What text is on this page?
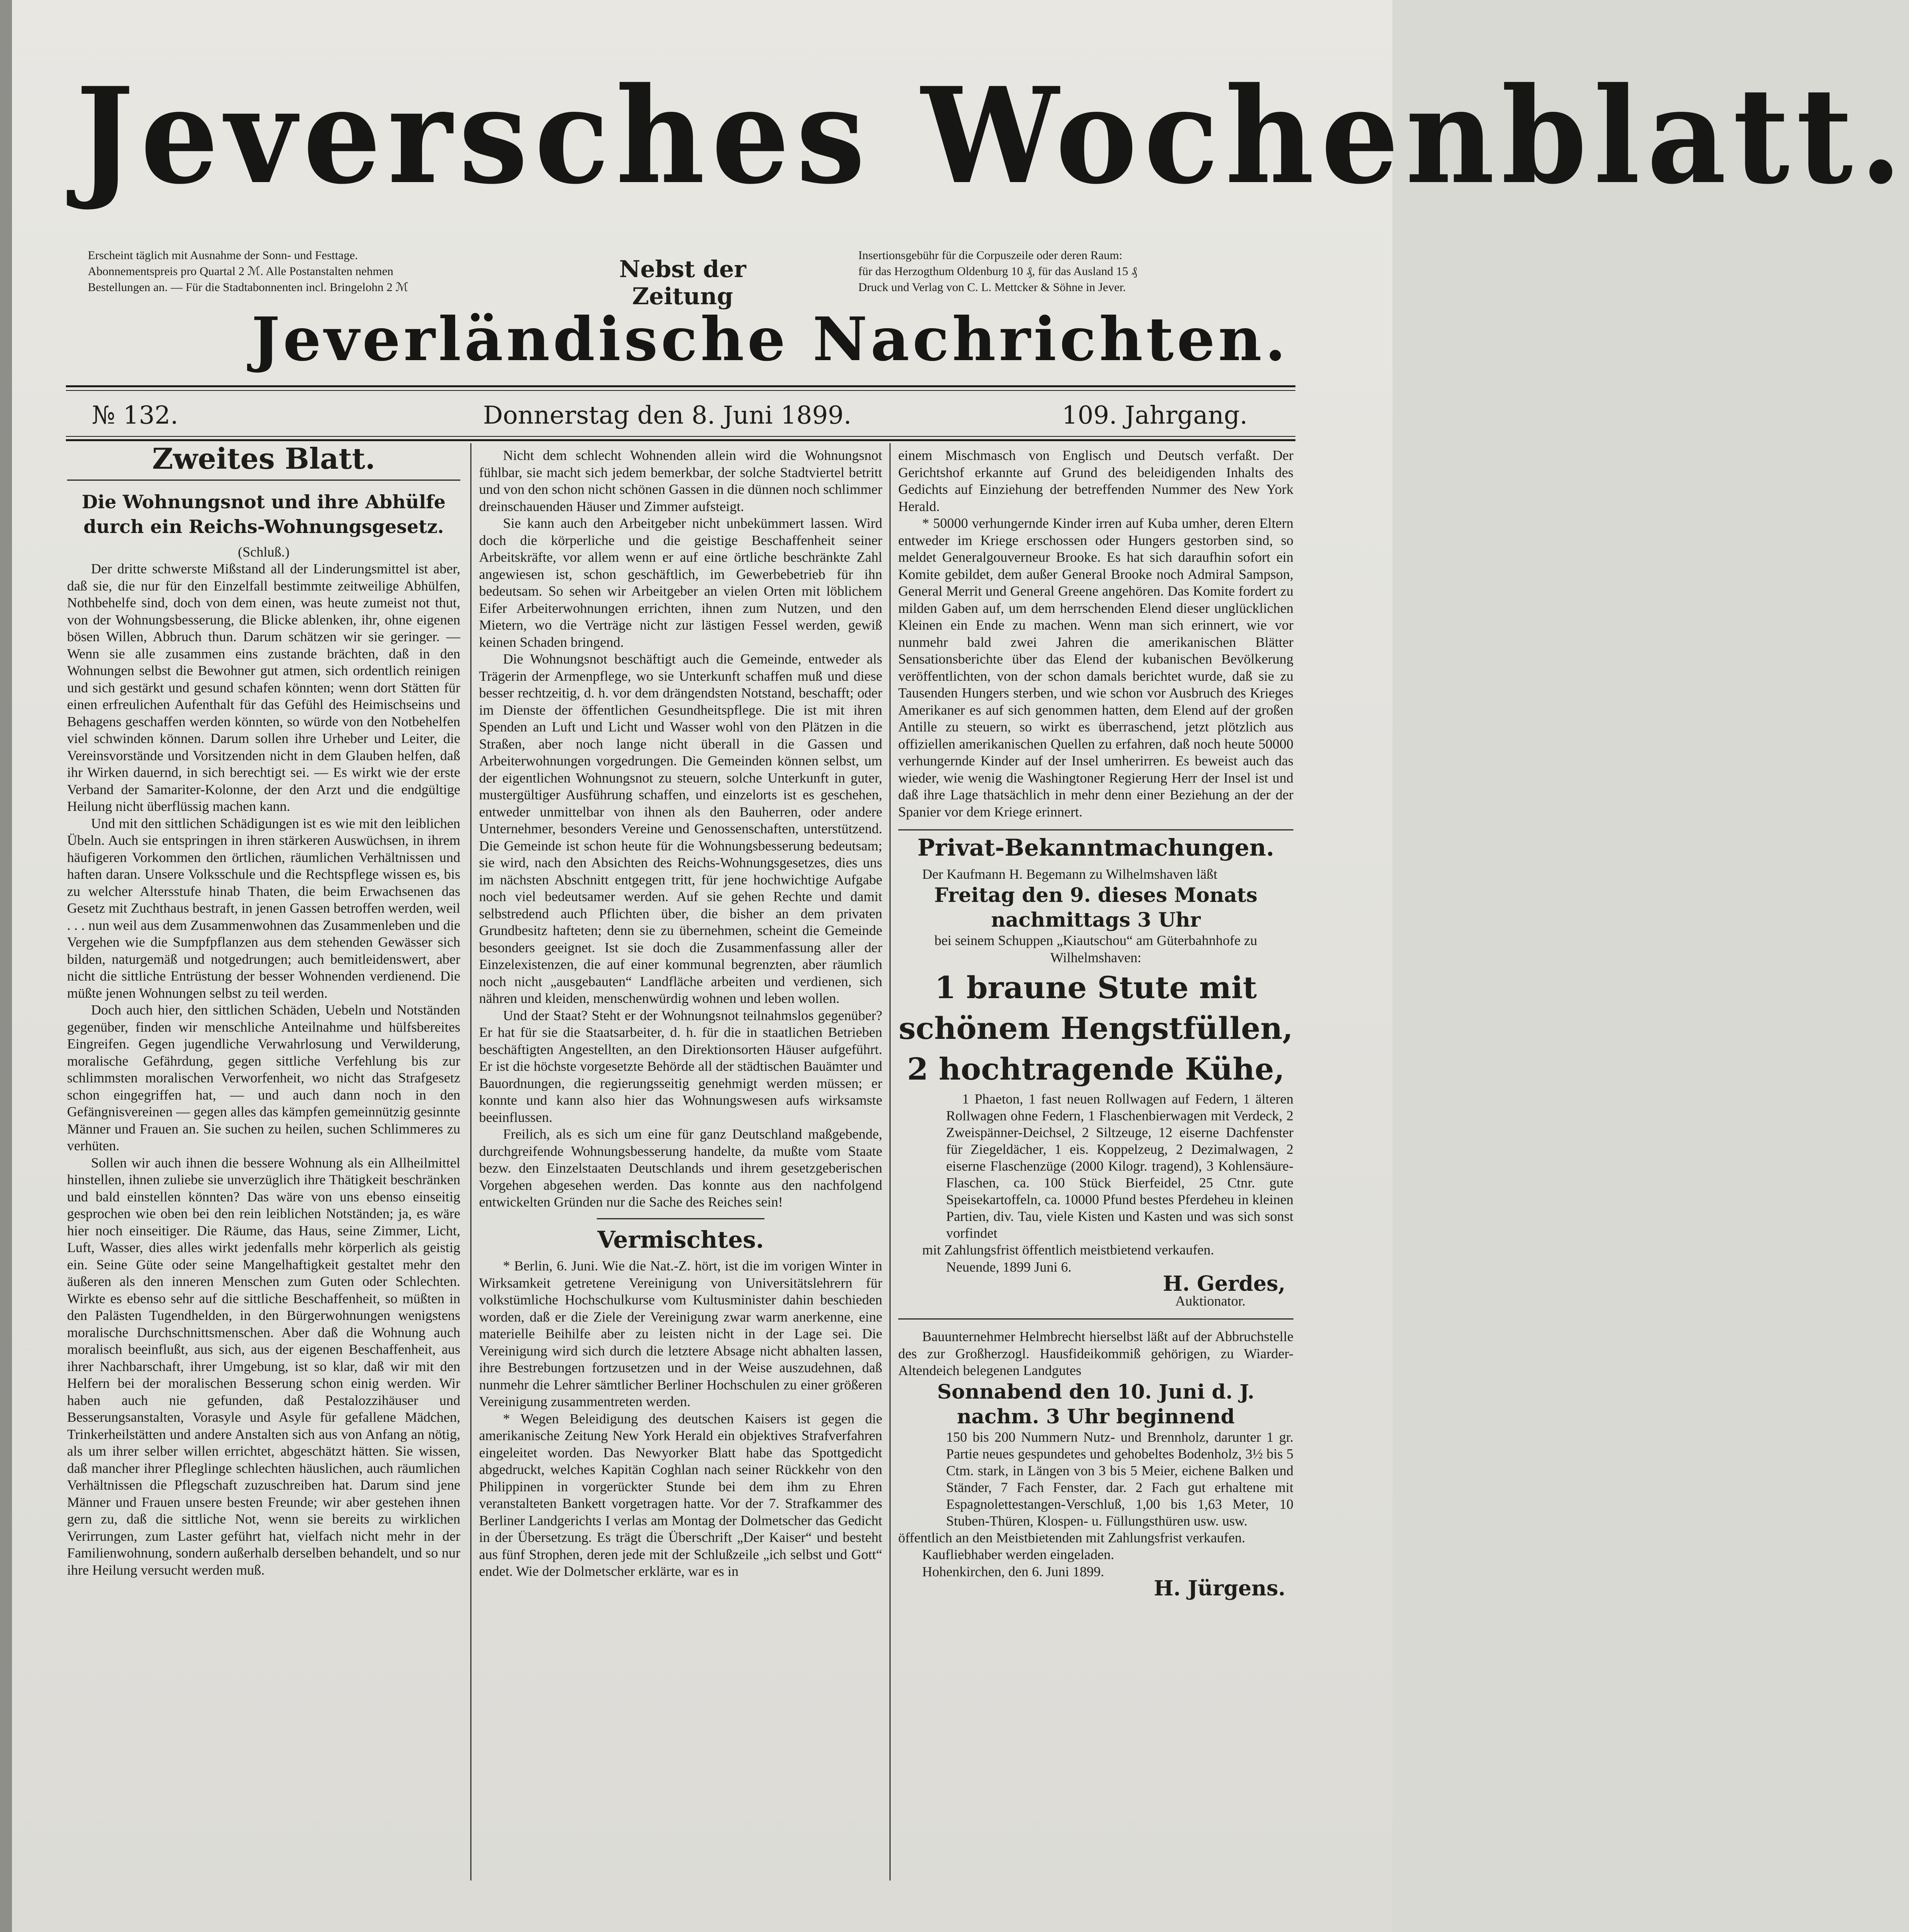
Jeversches Wochenblatt.
Erscheint täglich mit Ausnahme der Sonn- und Festtage.
Abonnementspreis pro Quartal 2 ℳ. Alle Postanstalten nehmen
Bestellungen an. — Für die Stadtabonnenten incl. Bringelohn 2 ℳ
Nebst der Zeitung
Insertionsgebühr für die Corpuszeile oder deren Raum:
für das Herzogthum Oldenburg 10 ₰, für das Ausland 15 ₰
Druck und Verlag von C. L. Mettcker & Söhne in Jever.
Jeverländische Nachrichten.
№ 132.	Donnerstag den 8. Juni 1899.	109. Jahrgang.
Zweites Blatt.
Die Wohnungsnot und ihre Abhülfe durch ein Reichs-Wohnungsgesetz.

(Schluß.)

Der dritte schwerste Mißstand all der Linderungsmittel ist aber, daß sie, die nur für den Einzelfall bestimmte zeitweilige Abhülfen, Nothbehelfe sind, doch von dem einen, was heute zumeist not thut, von der Wohnungsbesserung, die Blicke ablenken, ihr, ohne eigenen bösen Willen, Abbruch thun. Darum schätzen wir sie geringer. — Wenn sie alle zusammen eins zustande brächten, daß in den Wohnungen selbst die Bewohner gut atmen, sich ordentlich reinigen und sich gestärkt und gesund schafen könnten; wenn dort Stätten für einen erfreulichen Aufenthalt für das Gefühl des Heimischseins und Behagens geschaffen werden könnten, so würde von den Notbehelfen viel schwinden können. Darum sollen ihre Urheber und Leiter, die Vereinsvorstände und Vorsitzenden nicht in dem Glauben helfen, daß ihr Wirken dauernd, in sich berechtigt sei. — Es wirkt wie der erste Verband der Samariter-Kolonne, der den Arzt und die endgültige Heilung nicht überflüssig machen kann.

Und mit den sittlichen Schädigungen ist es wie mit den leiblichen Übeln. Auch sie entspringen in ihren stärkeren Auswüchsen, in ihrem häufigeren Vorkommen den örtlichen, räumlichen Verhältnissen und haften daran. Unsere Volksschule und die Rechtspflege wissen es, bis zu welcher Altersstufe hinab Thaten, die beim Erwachsenen das Gesetz mit Zuchthaus bestraft, in jenen Gassen betroffen werden, weil . . . nun weil aus dem Zusammenwohnen das Zusammenleben und die Vergehen wie die Sumpfpflanzen aus dem stehenden Gewässer sich bilden, naturgemäß und notgedrungen; auch bemitleidenswert, aber nicht die sittliche Entrüstung der besser Wohnenden verdienend. Die müßte jenen Wohnungen selbst zu teil werden.

Doch auch hier, den sittlichen Schäden, Uebeln und Notständen gegenüber, finden wir menschliche Anteilnahme und hülfsbereites Eingreifen. Gegen jugendliche Verwahrlosung und Verwilderung, moralische Gefährdung, gegen sittliche Verfehlung bis zur schlimmsten moralischen Verworfenheit, wo nicht das Strafgesetz schon eingegriffen hat, — und auch dann noch in den Gefängnisvereinen — gegen alles das kämpfen gemeinnützig gesinnte Männer und Frauen an. Sie suchen zu heilen, suchen Schlimmeres zu verhüten.

Sollen wir auch ihnen die bessere Wohnung als ein Allheilmittel hinstellen, ihnen zuliebe sie unverzüglich ihre Thätigkeit beschränken und bald einstellen könnten? Das wäre von uns ebenso einseitig gesprochen wie oben bei den rein leiblichen Notständen; ja, es wäre hier noch einseitiger. Die Räume, das Haus, seine Zimmer, Licht, Luft, Wasser, dies alles wirkt jedenfalls mehr körperlich als geistig ein. Seine Güte oder seine Mangelhaftigkeit gestaltet mehr den äußeren als den inneren Menschen zum Guten oder Schlechten. Wirkte es ebenso sehr auf die sittliche Beschaffenheit, so müßten in den Palästen Tugendhelden, in den Bürgerwohnungen wenigstens moralische Durchschnittsmenschen. Aber daß die Wohnung auch moralisch beeinflußt, aus sich, aus der eigenen Beschaffenheit, aus ihrer Nachbarschaft, ihrer Umgebung, ist so klar, daß wir mit den Helfern bei der moralischen Besserung schon einig werden. Wir haben auch nie gefunden, daß Pestalozzihäuser und Besserungsanstalten, Vorasyle und Asyle für gefallene Mädchen, Trinkerheilstätten und andere Anstalten sich aus von Anfang an nötig, als um ihrer selber willen errichtet, abgeschätzt hätten. Sie wissen, daß mancher ihrer Pfleglinge schlechten häuslichen, auch räumlichen Verhältnissen die Pflegschaft zuzuschreiben hat. Darum sind jene Männer und Frauen unsere besten Freunde; wir aber gestehen ihnen gern zu, daß die sittliche Not, wenn sie bereits zu wirklichen Verirrungen, zum Laster geführt hat, vielfach nicht mehr in der Familienwohnung, sondern außerhalb derselben behandelt, und so nur ihre Heilung versucht werden muß.

Nicht dem schlecht Wohnenden allein wird die Wohnungsnot fühlbar, sie macht sich jedem bemerkbar, der solche Stadtviertel betritt und von den schon nicht schönen Gassen in die dünnen noch schlimmer dreinschauenden Häuser und Zimmer aufsteigt.

Sie kann auch den Arbeitgeber nicht unbekümmert lassen. Wird doch die körperliche und die geistige Beschaffenheit seiner Arbeitskräfte, vor allem wenn er auf eine örtliche beschränkte Zahl angewiesen ist, schon geschäftlich, im Gewerbebetrieb für ihn bedeutsam. So sehen wir Arbeitgeber an vielen Orten mit löblichem Eifer Arbeiterwohnungen errichten, ihnen zum Nutzen, und den Mietern, wo die Verträge nicht zur lästigen Fessel werden, gewiß keinen Schaden bringend.

Die Wohnungsnot beschäftigt auch die Gemeinde, entweder als Trägerin der Armenpflege, wo sie Unterkunft schaffen muß und diese besser rechtzeitig, d. h. vor dem drängendsten Notstand, beschafft; oder im Dienste der öffentlichen Gesundheitspflege. Die ist mit ihren Spenden an Luft und Licht und Wasser wohl von den Plätzen in die Straßen, aber noch lange nicht überall in die Gassen und Arbeiterwohnungen vorgedrungen. Die Gemeinden können selbst, um der eigentlichen Wohnungsnot zu steuern, solche Unterkunft in guter, mustergültiger Ausführung schaffen, und einzelorts ist es geschehen, entweder unmittelbar von ihnen als den Bauherren, oder andere Unternehmer, besonders Vereine und Genossenschaften, unterstützend. Die Gemeinde ist schon heute für die Wohnungsbesserung bedeutsam; sie wird, nach den Absichten des Reichs-Wohnungsgesetzes, dies uns im nächsten Abschnitt entgegen tritt, für jene hochwichtige Aufgabe noch viel bedeutsamer werden. Auf sie gehen Rechte und damit selbstredend auch Pflichten über, die bisher an dem privaten Grundbesitz hafteten; denn sie zu übernehmen, scheint die Gemeinde besonders geeignet. Ist sie doch die Zusammenfassung aller der Einzelexistenzen, die auf einer kommunal begrenzten, aber räumlich noch nicht „ausgebauten“ Landfläche arbeiten und verdienen, sich nähren und kleiden, menschenwürdig wohnen und leben wollen.

Und der Staat? Steht er der Wohnungsnot teilnahmslos gegenüber? Er hat für sie die Staatsarbeiter, d. h. für die in staatlichen Betrieben beschäftigten Angestellten, an den Direktionsorten Häuser aufgeführt. Er ist die höchste vorgesetzte Behörde all der städtischen Bauämter und Bauordnungen, die regierungsseitig genehmigt werden müssen; er konnte und kann also hier das Wohnungswesen aufs wirksamste beeinflussen.

Freilich, als es sich um eine für ganz Deutschland maßgebende, durchgreifende Wohnungsbesserung handelte, da mußte vom Staate bezw. den Einzelstaaten Deutschlands und ihrem gesetzgeberischen Vorgehen abgesehen werden. Das konnte aus den nachfolgend entwickelten Gründen nur die Sache des Reiches sein!

Vermischtes.

* Berlin, 6. Juni. Wie die Nat.-Z. hört, ist die im vorigen Winter in Wirksamkeit getretene Vereinigung von Universitätslehrern für volkstümliche Hochschulkurse vom Kultusminister dahin beschieden worden, daß er die Ziele der Vereinigung zwar warm anerkenne, eine materielle Beihilfe aber zu leisten nicht in der Lage sei. Die Vereinigung wird sich durch die letztere Absage nicht abhalten lassen, ihre Bestrebungen fortzusetzen und in der Weise auszudehnen, daß nunmehr die Lehrer sämtlicher Berliner Hochschulen zu einer größeren Vereinigung zusammentreten werden.

* Wegen Beleidigung des deutschen Kaisers ist gegen die amerikanische Zeitung New York Herald ein objektives Strafverfahren eingeleitet worden. Das Newyorker Blatt habe das Spottgedicht abgedruckt, welches Kapitän Coghlan nach seiner Rückkehr von den Philippinen in vorgerückter Stunde bei dem ihm zu Ehren veranstalteten Bankett vorgetragen hatte. Vor der 7. Strafkammer des Berliner Landgerichts I verlas am Montag der Dolmetscher das Gedicht in der Übersetzung. Es trägt die Überschrift „Der Kaiser“ und besteht aus fünf Strophen, deren jede mit der Schlußzeile „ich selbst und Gott“ endet. Wie der Dolmetscher erklärte, war es in

einem Mischmasch von Englisch und Deutsch verfaßt. Der Gerichtshof erkannte auf Grund des beleidigenden Inhalts des Gedichts auf Einziehung der betreffenden Nummer des New York Herald.

* 50000 verhungernde Kinder irren auf Kuba umher, deren Eltern entweder im Kriege erschossen oder Hungers gestorben sind, so meldet Generalgouverneur Brooke. Es hat sich daraufhin sofort ein Komite gebildet, dem außer General Brooke noch Admiral Sampson, General Merrit und General Greene angehören. Das Komite fordert zu milden Gaben auf, um dem herrschenden Elend dieser unglücklichen Kleinen ein Ende zu machen. Wenn man sich erinnert, wie vor nunmehr bald zwei Jahren die amerikanischen Blätter Sensationsberichte über das Elend der kubanischen Bevölkerung veröffentlichten, von der schon damals berichtet wurde, daß sie zu Tausenden Hungers sterben, und wie schon vor Ausbruch des Krieges Amerikaner es auf sich genommen hatten, dem Elend auf der großen Antille zu steuern, so wirkt es überraschend, jetzt plötzlich aus offiziellen amerikanischen Quellen zu erfahren, daß noch heute 50000 verhungernde Kinder auf der Insel umherirren. Es beweist auch das wieder, wie wenig die Washingtoner Regierung Herr der Insel ist und daß ihre Lage thatsächlich in mehr denn einer Beziehung an der der Spanier vor dem Kriege erinnert.

Privat-Bekanntmachungen.

Der Kaufmann H. Begemann zu Wilhelmshaven läßt

Freitag den 9. dieses Monats
nachmittags 3 Uhr

bei seinem Schuppen „Kiautschou“ am Güterbahnhofe zu Wilhelmshaven:

1 braune Stute mit
schönem Hengstfüllen,
2 hochtragende Kühe,

1 Phaeton, 1 fast neuen Rollwagen auf Federn, 1 älteren Rollwagen ohne Federn, 1 Flaschenbierwagen mit Verdeck, 2 Zweispänner-Deichsel, 2 Siltzeuge, 12 eiserne Dachfenster für Ziegeldächer, 1 eis. Koppelzeug, 2 Dezimalwagen, 2 eiserne Flaschenzüge (2000 Kilogr. tragend), 3 Kohlensäure-Flaschen, ca. 100 Stück Bierfeidel, 25 Ctnr. gute Speisekartoffeln, ca. 10000 Pfund bestes Pferdeheu in kleinen Partien, div. Tau, viele Kisten und Kasten und was sich sonst vorfindet

mit Zahlungsfrist öffentlich meistbietend verkaufen.

Neuende, 1899 Juni 6.

H. Gerdes,

Auktionator.

Bauunternehmer Helmbrecht hierselbst läßt auf der Abbruchstelle des zur Großherzogl. Hausfideikommiß gehörigen, zu Wiarder-Altendeich belegenen Landgutes

Sonnabend den 10. Juni d. J.
nachm. 3 Uhr beginnend

150 bis 200 Nummern Nutz- und Brennholz, darunter 1 gr. Partie neues gespundetes und gehobeltes Bodenholz, 3½ bis 5 Ctm. stark, in Längen von 3 bis 5 Meier, eichene Balken und Ständer, 7 Fach Fenster, dar. 2 Fach gut erhaltene mit Espagnolettestangen-Verschluß, 1,00 bis 1,63 Meter, 10 Stuben-Thüren, Klospen- u. Füllungsthüren usw. usw.

öffentlich an den Meistbietenden mit Zahlungsfrist verkaufen.

Kaufliebhaber werden eingeladen.

Hohenkirchen, den 6. Juni 1899.

H. Jürgens.
